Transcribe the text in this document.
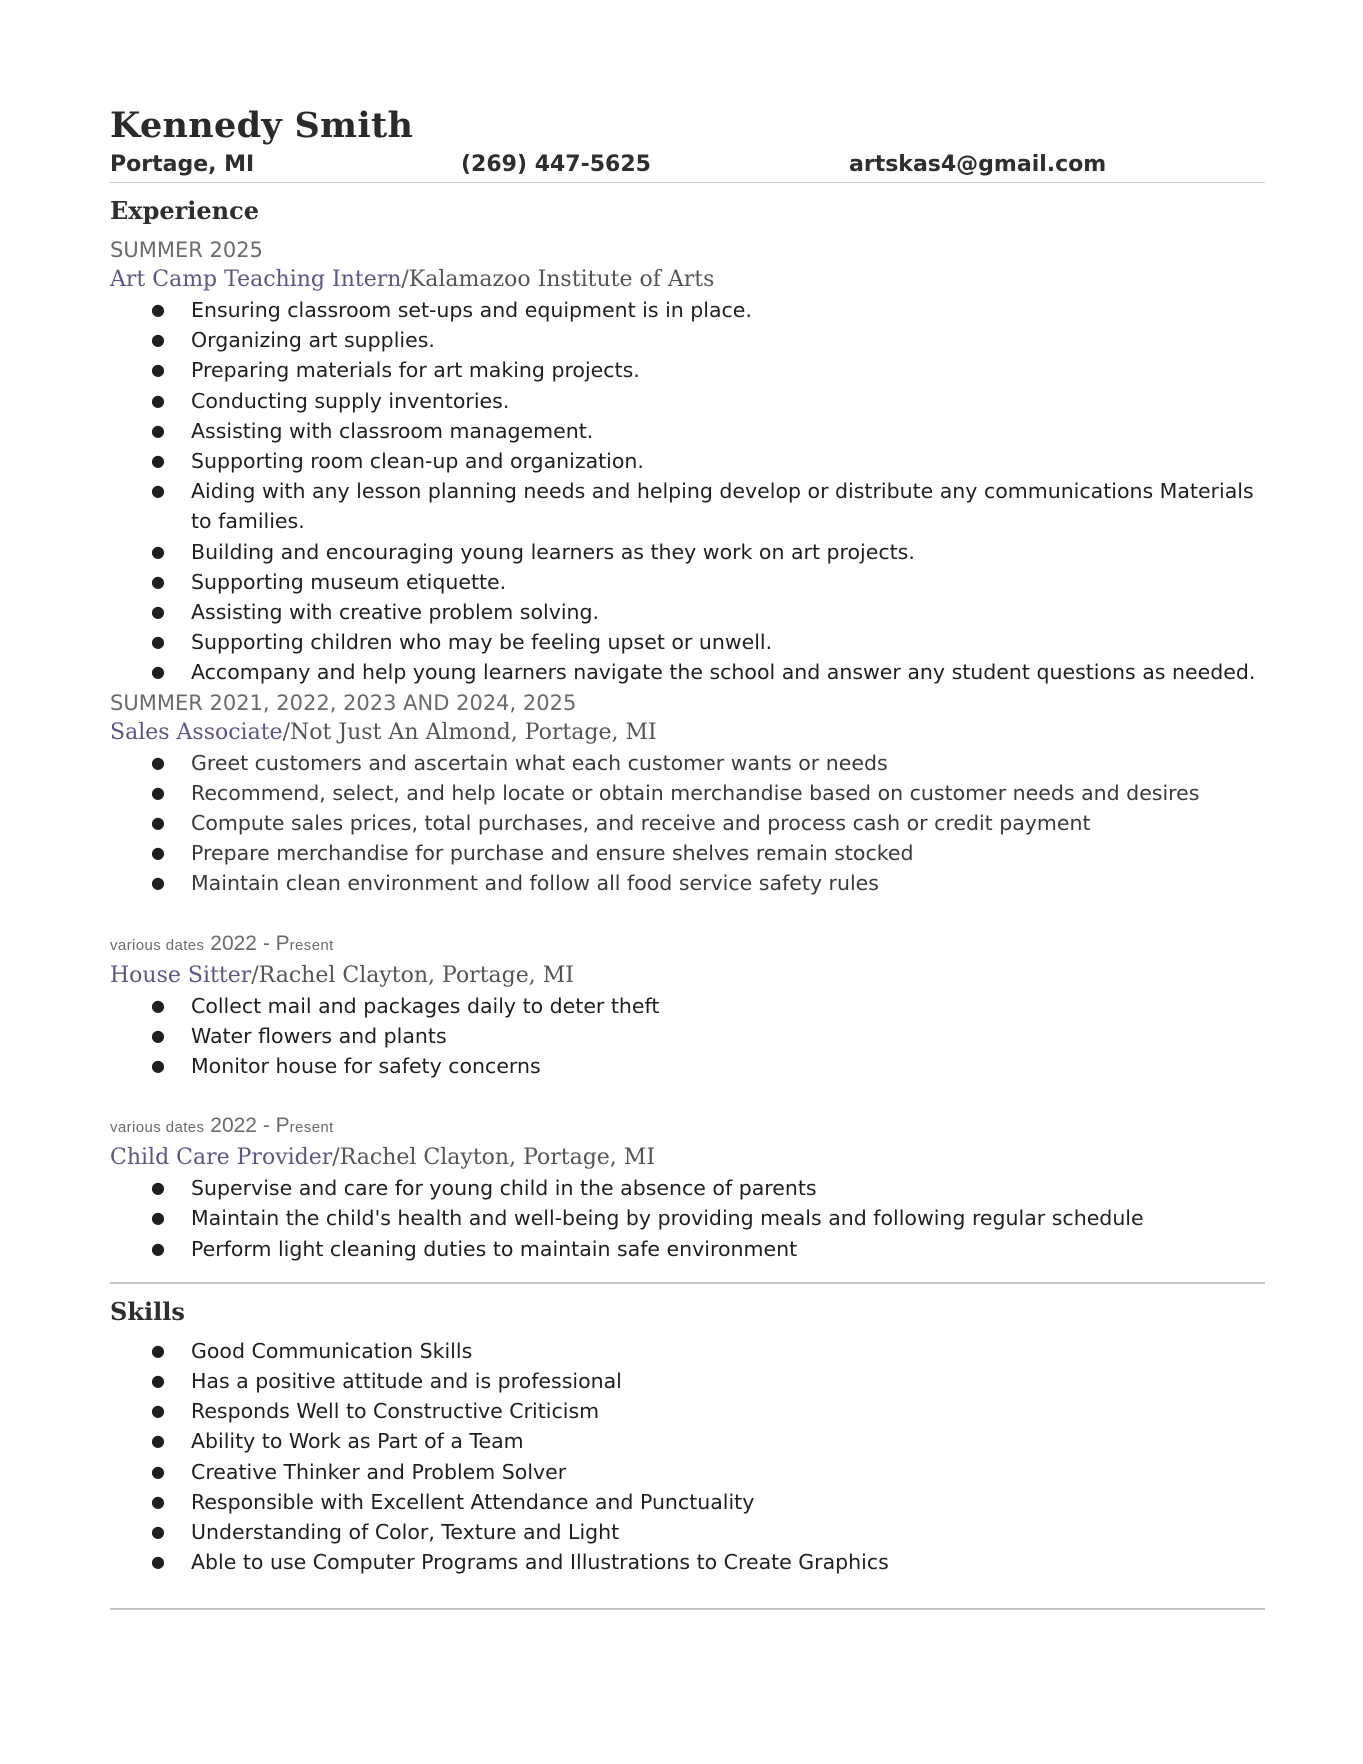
Kennedy Smith
Portage, MI	(269) 447-5625	artskas4@gmail.com
Experience
SUMMER 2025
Art Camp Teaching Intern/Kalamazoo Institute of Arts
● Ensuring classroom set-ups and equipment is in place.
● Organizing art supplies.
● Preparing materials for art making projects.
● Conducting supply inventories.
● Assisting with classroom management.
● Supporting room clean-up and organization.
● Aiding with any lesson planning needs and helping develop or distribute any communications Materials to families.
● Building and encouraging young learners as they work on art projects.
● Supporting museum etiquette.
● Assisting with creative problem solving.
● Supporting children who may be feeling upset or unwell.
● Accompany and help young learners navigate the school and answer any student questions as needed.
SUMMER 2021, 2022, 2023 AND 2024, 2025
Sales Associate/Not Just An Almond, Portage, MI
● Greet customers and ascertain what each customer wants or needs
● Recommend, select, and help locate or obtain merchandise based on customer needs and desires
● Compute sales prices, total purchases, and receive and process cash or credit payment
● Prepare merchandise for purchase and ensure shelves remain stocked
● Maintain clean environment and follow all food service safety rules
various dates 2022 - Present
House Sitter/Rachel Clayton, Portage, MI
● Collect mail and packages daily to deter theft
● Water flowers and plants
● Monitor house for safety concerns
various dates 2022 - Present
Child Care Provider/Rachel Clayton, Portage, MI
● Supervise and care for young child in the absence of parents
● Maintain the child's health and well-being by providing meals and following regular schedule
● Perform light cleaning duties to maintain safe environment
Skills
● Good Communication Skills
● Has a positive attitude and is professional
● Responds Well to Constructive Criticism
● Ability to Work as Part of a Team
● Creative Thinker and Problem Solver
● Responsible with Excellent Attendance and Punctuality
● Understanding of Color, Texture and Light
● Able to use Computer Programs and Illustrations to Create Graphics
